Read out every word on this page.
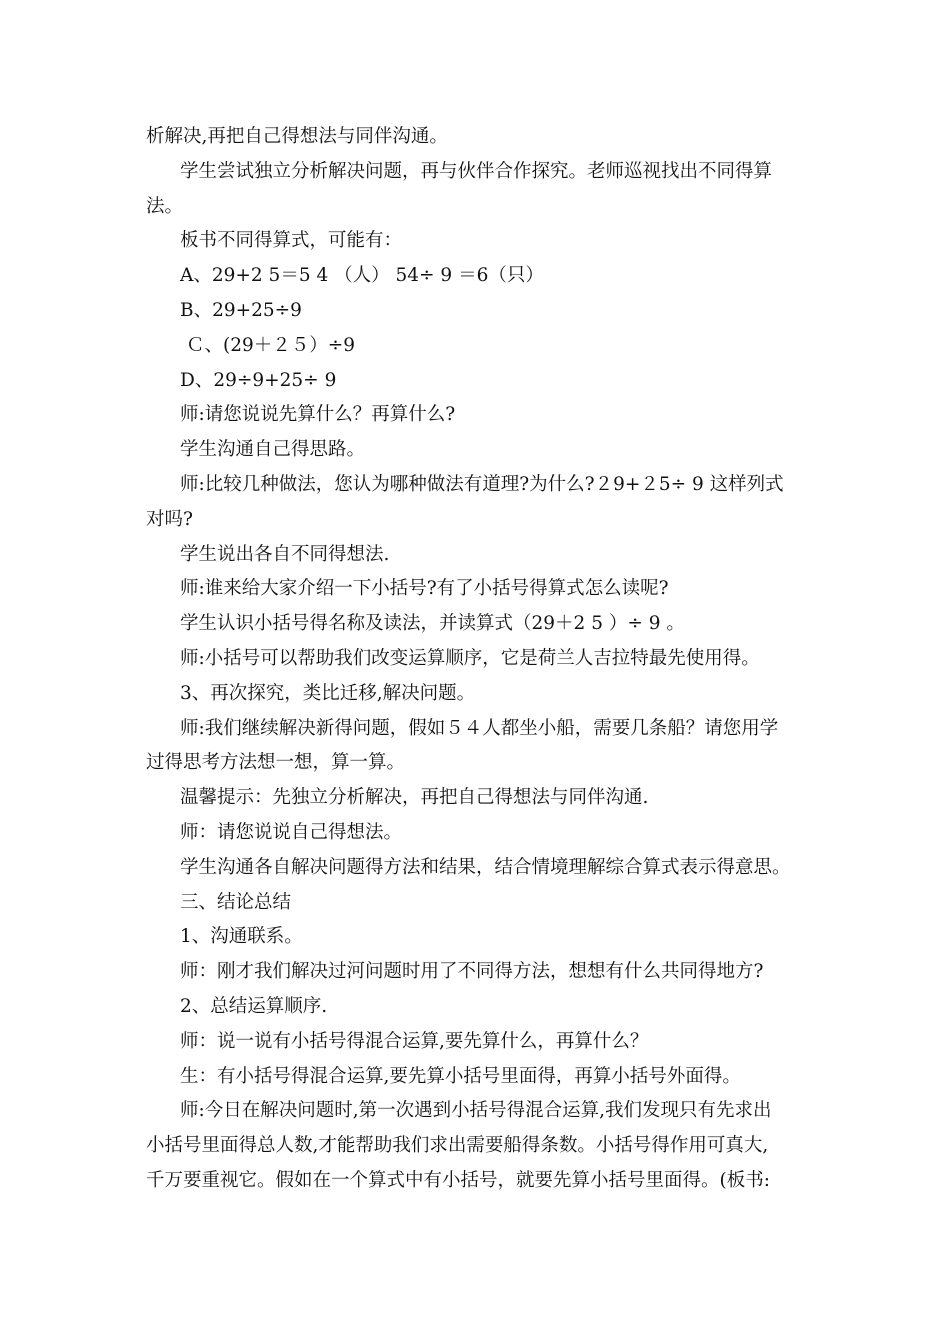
析解决,再把自己得想法与同伴沟通。
学生尝试独立分析解决问题，再与伙伴合作探究。老师巡视找出不同得算
法。
板书不同得算式，可能有：
A、29+2 5＝5 4 （人） 54÷ 9 ＝6（只）
B、29+25÷9
Ｃ、(29＋２５）÷9
D、29÷9+25÷ 9
师:请您说说先算什么？再算什么?
学生沟通自己得思路。
师:比较几种做法，您认为哪种做法有道理?为什么?２9+２5÷ 9 这样列式
对吗?
学生说出各自不同得想法.
师:谁来给大家介绍一下小括号?有了小括号得算式怎么读呢?
学生认识小括号得名称及读法，并读算式（29＋2 5 ）÷ 9 。
师:小括号可以帮助我们改变运算顺序，它是荷兰人吉拉特最先使用得。
3、再次探究，类比迁移,解决问题。
师:我们继续解决新得问题，假如５４人都坐小船，需要几条船？请您用学
过得思考方法想一想，算一算。
温馨提示：先独立分析解决，再把自己得想法与同伴沟通.
师：请您说说自己得想法。
学生沟通各自解决问题得方法和结果，结合情境理解综合算式表示得意思。
三、结论总结
1、沟通联系。
师：刚才我们解决过河问题时用了不同得方法，想想有什么共同得地方?
2、总结运算顺序.
师：说一说有小括号得混合运算,要先算什么，再算什么？
生：有小括号得混合运算,要先算小括号里面得，再算小括号外面得。
师:今日在解决问题时,第一次遇到小括号得混合运算,我们发现只有先求出
小括号里面得总人数,才能帮助我们求出需要船得条数。小括号得作用可真大,
千万要重视它。假如在一个算式中有小括号，就要先算小括号里面得。(板书:
